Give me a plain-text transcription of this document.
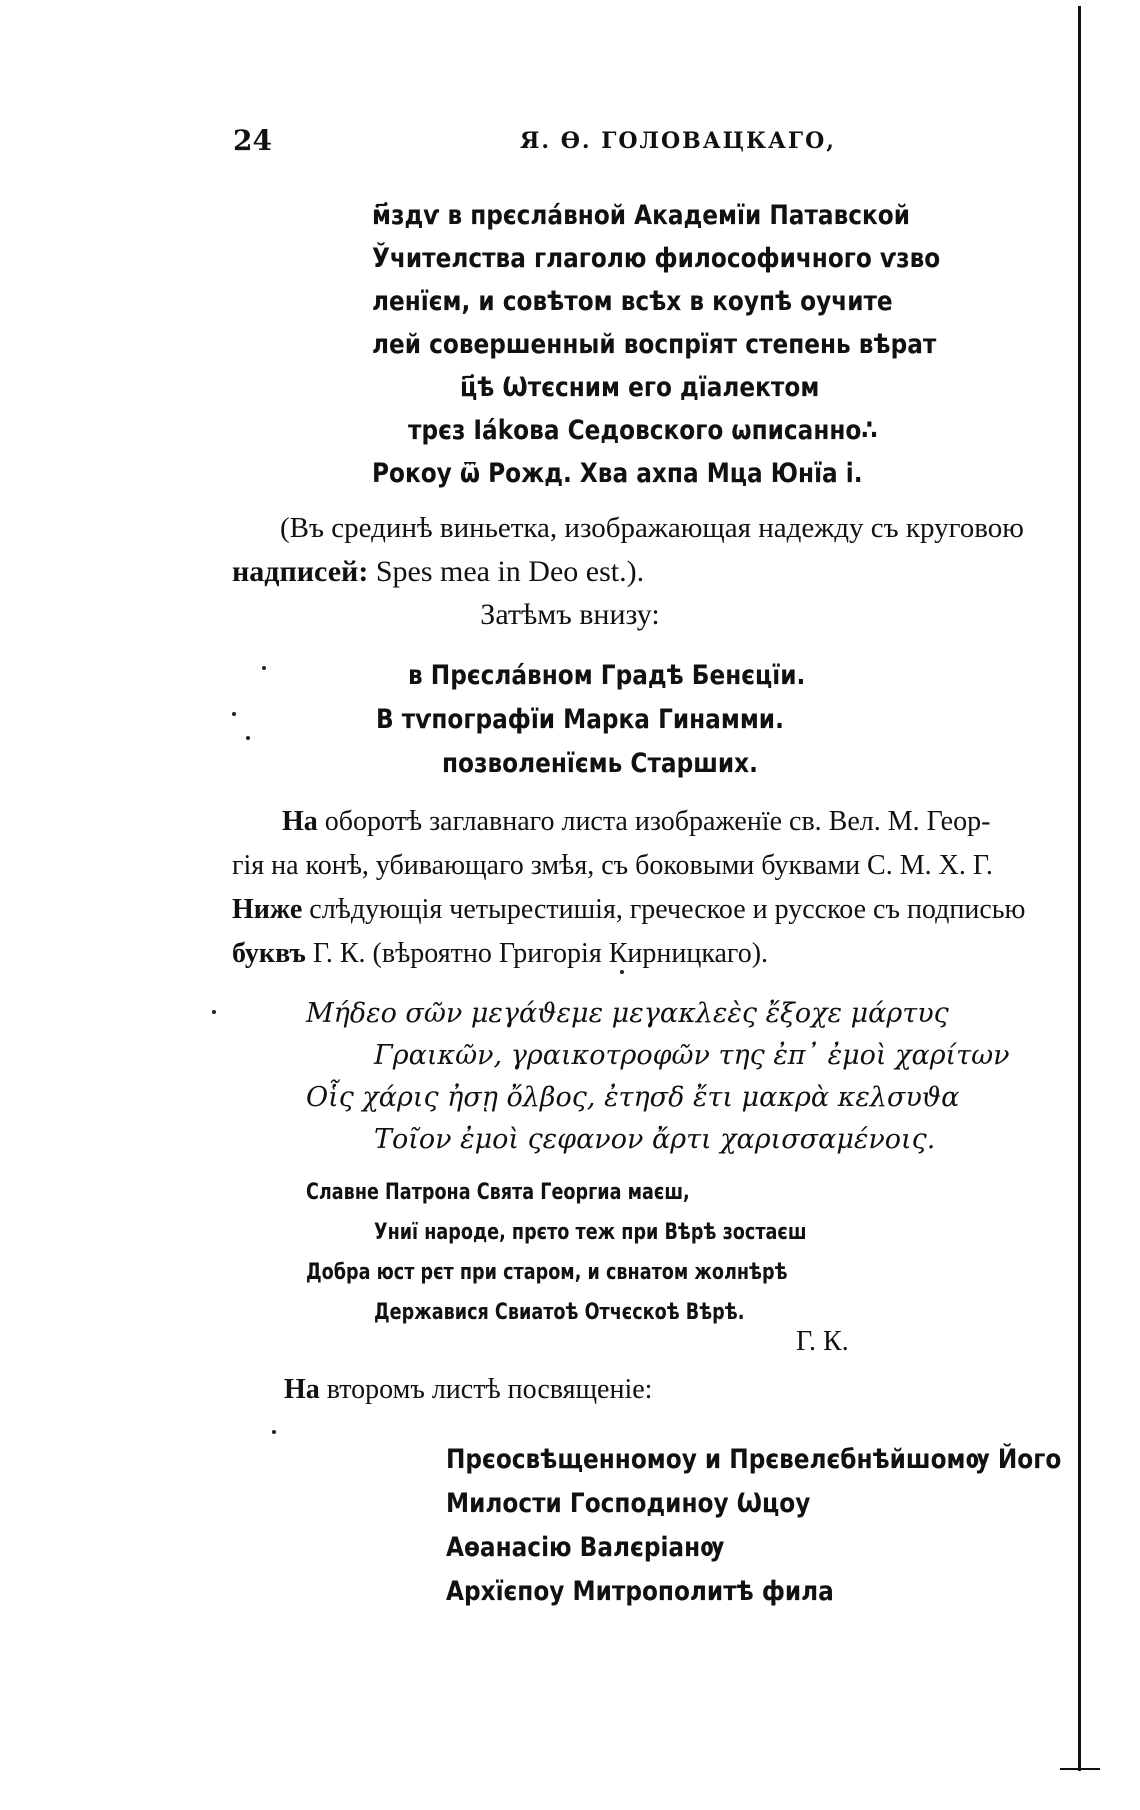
24	Я. Ѳ. ГОЛОВАЦКАГО,
м҃здѵ в прєслáвной Академїи Патавской
Ўчителства глаголю философичного ѵзво
ленїєм, и совѣтом всѣх в коупѣ оучите
лей совершенный воспрїят степень вѣрат
ц҃ѣ Ѡтєсним его дїалектом
трєз Іákова Седовского ѡписанно∴
Рокоу ѿ Рожд. Хва ахпа Мца Юнїа і.
(Въ срединѣ виньетка, изображающая надежду съ круговою
надписей: Spes mea in Deo est.).
Затѣмъ внизу:
в Прєслáвном Градѣ Бенєцїи.
В тѵпографїи Марка Гинамми.
позволенїємь Старших.
На оборотѣ заглавнаго листа изображенїе св. Вел. М. Геор-
гія на конѣ, убивающаго змѣя, съ боковыми буквами С. М. Х. Г.
Ниже слѣдующія четырестишія, греческое и русское съ подписью
буквъ Г. К. (вѣроятно Григорія Кирницкаго).
Μήδεο σῶν μεγάϑεμε μεγακλεὲς ἔξοχε μάρτυς
Γραικῶν, γραικοτροφῶν της ἐπ᾽ ἐμοὶ χαρίτων
Οἷς χάρις ἠσῃ ὄλβος, ἐτησδ ἔτι μακρὰ κελσυϑα
Τοῖον ἐμοὶ ςεφανον ἄρτι χαρισσαμένοις.
Славне Патрона Свята Георгиа маєш,
Униї народе, прєто теж при Вѣрѣ зостаєш
Добра юст рєт при старом, и свнатом жолнѣрѣ
Державися Свиатоѣ Отчєскоѣ Вѣрѣ.
Г. К.
На второмъ листѣ посвященіе:
Прєосвѣщенномоу и Прєвелєбнѣйшомѹ Його
Милости Господиноу Ѡцоу
Аѳанасію Валєріанѹ
Архїєпоу Митрополитѣ фила
